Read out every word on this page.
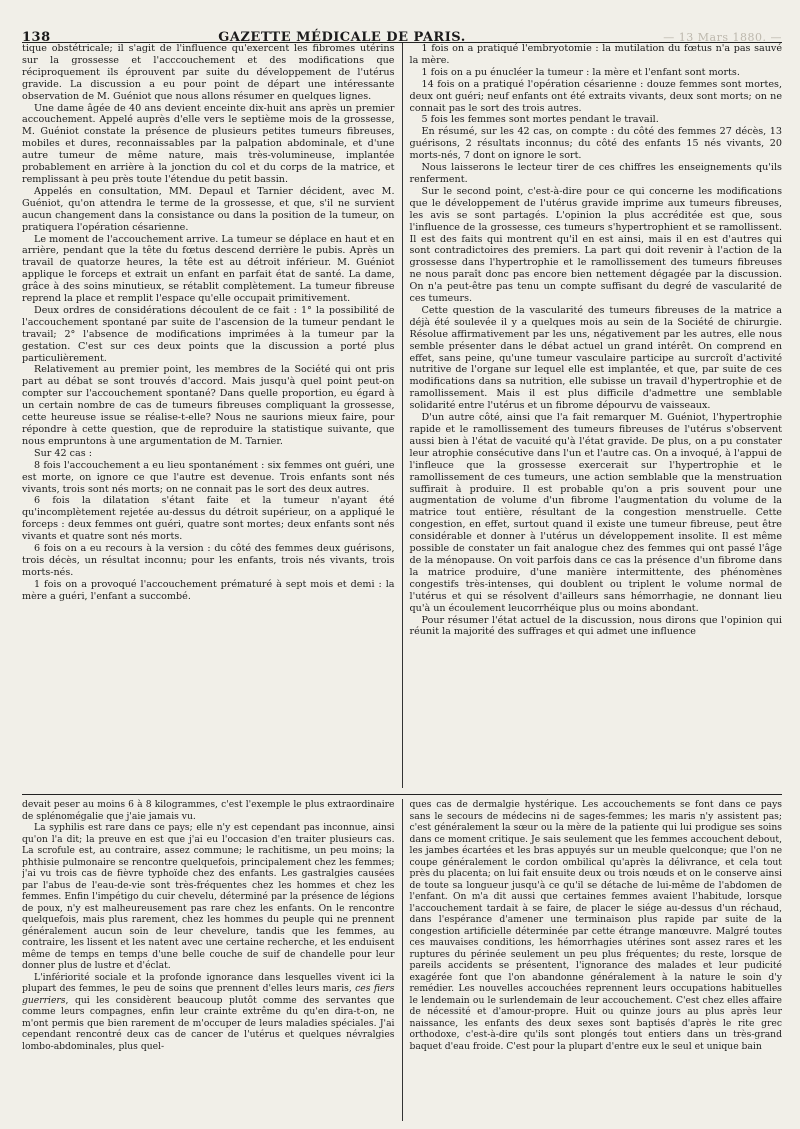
138	GAZETTE MÉDICALE DE PARIS.	— 13 Mars 1880. —

tique obstétricale; il s'agit de l'influence qu'exercent les fibromes utérins sur la grossesse et l'acccouchement et des modifications que réciproquement ils éprouvent par suite du développement de l'utérus gravide. La discussion a eu pour point de départ une intéressante observation de M. Guéniot que nous allons résumer en quelques lignes.

Une dame âgée de 40 ans devient enceinte dix-huit ans après un premier accouchement. Appelé auprès d'elle vers le septième mois de la grossesse, M. Guéniot constate la présence de plusieurs petites tumeurs fibreuses, mobiles et dures, reconnaissables par la palpation abdominale, et d'une autre tumeur de même nature, mais très-volumineuse, implantée probablement en arrière à la jonction du col et du corps de la matrice, et remplissant à peu près toute l'étendue du petit bassin.

Appelés en consultation, MM. Depaul et Tarnier décident, avec M. Guéniot, qu'on attendra le terme de la grossesse, et que, s'il ne survient aucun changement dans la consistance ou dans la position de la tumeur, on pratiquera l'opération césarienne.

Le moment de l'accouchement arrive. La tumeur se déplace en haut et en arrière, pendant que la tête du fœtus descend derrière le pubis. Après un travail de quatorze heures, la tête est au détroit inférieur. M. Guéniot applique le forceps et extrait un enfant en parfait état de santé. La dame, grâce à des soins minutieux, se rétablit complètement. La tumeur fibreuse reprend la place et remplit l'espace qu'elle occupait primitivement.

Deux ordres de considérations découlent de ce fait : 1° la possibilité de l'accouchement spontané par suite de l'ascension de la tumeur pendant le travail; 2° l'absence de modifications imprimées à la tumeur par la gestation. C'est sur ces deux points que la discussion a porté plus particulièrement.

Relativement au premier point, les membres de la Société qui ont pris part au débat se sont trouvés d'accord. Mais jusqu'à quel point peut-on compter sur l'accouchement spontané? Dans quelle proportion, eu égard à un certain nombre de cas de tumeurs fibreuses compliquant la grossesse, cette heureuse issue se réalise-t-elle? Nous ne saurions mieux faire, pour répondre à cette question, que de reproduire la statistique suivante, que nous empruntons à une argumentation de M. Tarnier.

Sur 42 cas :

8 fois l'accouchement a eu lieu spontanément : six femmes ont guéri, une est morte, on ignore ce que l'autre est devenue. Trois enfants sont nés vivants, trois sont nés morts; on ne connait pas le sort des deux autres.

6 fois la dilatation s'étant faite et la tumeur n'ayant été qu'incomplètement rejetée au-dessus du détroit supérieur, on a appliqué le forceps : deux femmes ont guéri, quatre sont mortes; deux enfants sont nés vivants et quatre sont nés morts.

6 fois on a eu recours à la version : du côté des femmes deux guérisons, trois décès, un résultat inconnu; pour les enfants, trois nés vivants, trois morts-nés.

1 fois on a provoqué l'accouchement prématuré à sept mois et demi : la mère a guéri, l'enfant a succombé.

1 fois on a pratiqué l'embryotomie : la mutilation du fœtus n'a pas sauvé la mère.

1 fois on a pu énucléer la tumeur : la mère et l'enfant sont morts.

14 fois on a pratiqué l'opération césarienne : douze femmes sont mortes, deux ont guéri; neuf enfants ont été extraits vivants, deux sont morts; on ne connait pas le sort des trois autres.

5 fois les femmes sont mortes pendant le travail.

En résumé, sur les 42 cas, on compte : du côté des femmes 27 décès, 13 guérisons, 2 résultats inconnus; du côté des enfants 15 nés vivants, 20 morts-nés, 7 dont on ignore le sort.

Nous laisserons le lecteur tirer de ces chiffres les enseignements qu'ils renferment.

Sur le second point, c'est-à-dire pour ce qui concerne les modifications que le développement de l'utérus gravide imprime aux tumeurs fibreuses, les avis se sont partagés. L'opinion la plus accréditée est que, sous l'influence de la grossesse, ces tumeurs s'hypertrophient et se ramollissent. Il est des faits qui montrent qu'il en est ainsi, mais il en est d'autres qui sont contradictoires des premiers. La part qui doit revenir à l'action de la grossesse dans l'hypertrophie et le ramollissement des tumeurs fibreuses ne nous paraît donc pas encore bien nettement dégagée par la discussion. On n'a peut-être pas tenu un compte suffisant du degré de vascularité de ces tumeurs.

Cette question de la vascularité des tumeurs fibreuses de la matrice a déjà été soulevée il y a quelques mois au sein de la Société de chirurgie. Résolue affirmativement par les uns, négativement par les autres, elle nous semble présenter dans le débat actuel un grand intérêt. On comprend en effet, sans peine, qu'une tumeur vasculaire participe au surcroît d'activité nutritive de l'organe sur lequel elle est implantée, et que, par suite de ces modifications dans sa nutrition, elle subisse un travail d'hypertrophie et de ramollissement. Mais il est plus difficile d'admettre une semblable solidarité entre l'utérus et un fibrome dépourvu de vaisseaux.

D'un autre côté, ainsi que l'a fait remarquer M. Guéniot, l'hypertrophie rapide et le ramollissement des tumeurs fibreuses de l'utérus s'observent aussi bien à l'état de vacuité qu'à l'état gravide. De plus, on a pu constater leur atrophie consécutive dans l'un et l'autre cas. On a invoqué, à l'appui de l'infleuce que la grossesse exercerait sur l'hypertrophie et le ramollissement de ces tumeurs, une action semblable que la menstruation suffirait à produire. Il est probable qu'on a pris souvent pour une augmentation de volume d'un fibrome l'augmentation du volume de la matrice tout entière, résultant de la congestion menstruelle. Cette congestion, en effet, surtout quand il existe une tumeur fibreuse, peut être considérable et donner à l'utérus un développement insolite. Il est même possible de constater un fait analogue chez des femmes qui ont passé l'âge de la ménopause. On voit parfois dans ce cas la présence d'un fibrome dans la matrice produire, d'une manière intermittente, des phénomènes congestifs très-intenses, qui doublent ou triplent le volume normal de l'utérus et qui se résolvent d'ailleurs sans hémorrhagie, ne donnant lieu qu'à un écoulement leucorrhéique plus ou moins abondant.

Pour résumer l'état actuel de la discussion, nous dirons que l'opinion qui réunit la majorité des suffrages et qui admet une influence

devait peser au moins 6 à 8 kilogrammes, c'est l'exemple le plus extraordinaire de splénomégalie que j'aie jamais vu.

La syphilis est rare dans ce pays; elle n'y est cependant pas inconnue, ainsi qu'on l'a dit; la preuve en est que j'ai eu l'occasion d'en traiter plusieurs cas. La scrofule est, au contraire, assez commune; le rachitisme, un peu moins; la phthisie pulmonaire se rencontre quelquefois, principalement chez les femmes; j'ai vu trois cas de fièvre typhoïde chez des enfants. Les gastralgies causées par l'abus de l'eau-de-vie sont très-fréquentes chez les hommes et chez les femmes. Enfin l'impétigo du cuir chevelu, déterminé par la présence de légions de poux, n'y est malheureusement pas rare chez les enfants. On le rencontre quelquefois, mais plus rarement, chez les hommes du peuple qui ne prennent généralement aucun soin de leur chevelure, tandis que les femmes, au contraire, les lissent et les natent avec une certaine recherche, et les enduisent même de temps en temps d'une belle couche de suif de chandelle pour leur donner plus de lustre et d'éclat.

L'infériorité sociale et la profonde ignorance dans lesquelles vivent ici la plupart des femmes, le peu de soins que prennent d'elles leurs maris, ces fiers guerriers, qui les considèrent beaucoup plutôt comme des servantes que comme leurs compagnes, enfin leur crainte extrême du qu'en dira-t-on, ne m'ont permis que bien rarement de m'occuper de leurs maladies spéciales. J'ai cependant rencontré deux cas de cancer de l'utérus et quelques névralgies lombo-abdominales, plus quel-

ques cas de dermalgie hystérique. Les accouchements se font dans ce pays sans le secours de médecins ni de sages-femmes; les maris n'y assistent pas; c'est généralement la sœur ou la mère de la patiente qui lui prodigue ses soins dans ce moment critique. Je sais seulement que les femmes accouchent debout, les jambes écartées et les bras appuyés sur un meuble quelconque; que l'on ne coupe généralement le cordon ombilical qu'après la délivrance, et cela tout près du placenta; on lui fait ensuite deux ou trois nœuds et on le conserve ainsi de toute sa longueur jusqu'à ce qu'il se détache de lui-même de l'abdomen de l'enfant. On m'a dit aussi que certaines femmes avaient l'habitude, lorsque l'accouchement tardait à se faire, de placer le siége au-dessus d'un réchaud, dans l'espérance d'amener une terminaison plus rapide par suite de la congestion artificielle déterminée par cette étrange manœuvre. Malgré toutes ces mauvaises conditions, les hémorrhagies utérines sont assez rares et les ruptures du périnée seulement un peu plus fréquentes; du reste, lorsque de pareils accidents se présentent, l'ignorance des malades et leur pudicité exagérée font que l'on abandonne généralement à la nature le soin d'y remédier. Les nouvelles accouchées reprennent leurs occupations habituelles le lendemain ou le surlendemain de leur accouchement. C'est chez elles affaire de nécessité et d'amour-propre. Huit ou quinze jours au plus après leur naissance, les enfants des deux sexes sont baptisés d'après le rite grec orthodoxe, c'est-à-dire qu'ils sont plongés tout entiers dans un très-grand baquet d'eau froide. C'est pour la plupart d'entre eux le seul et unique bain
